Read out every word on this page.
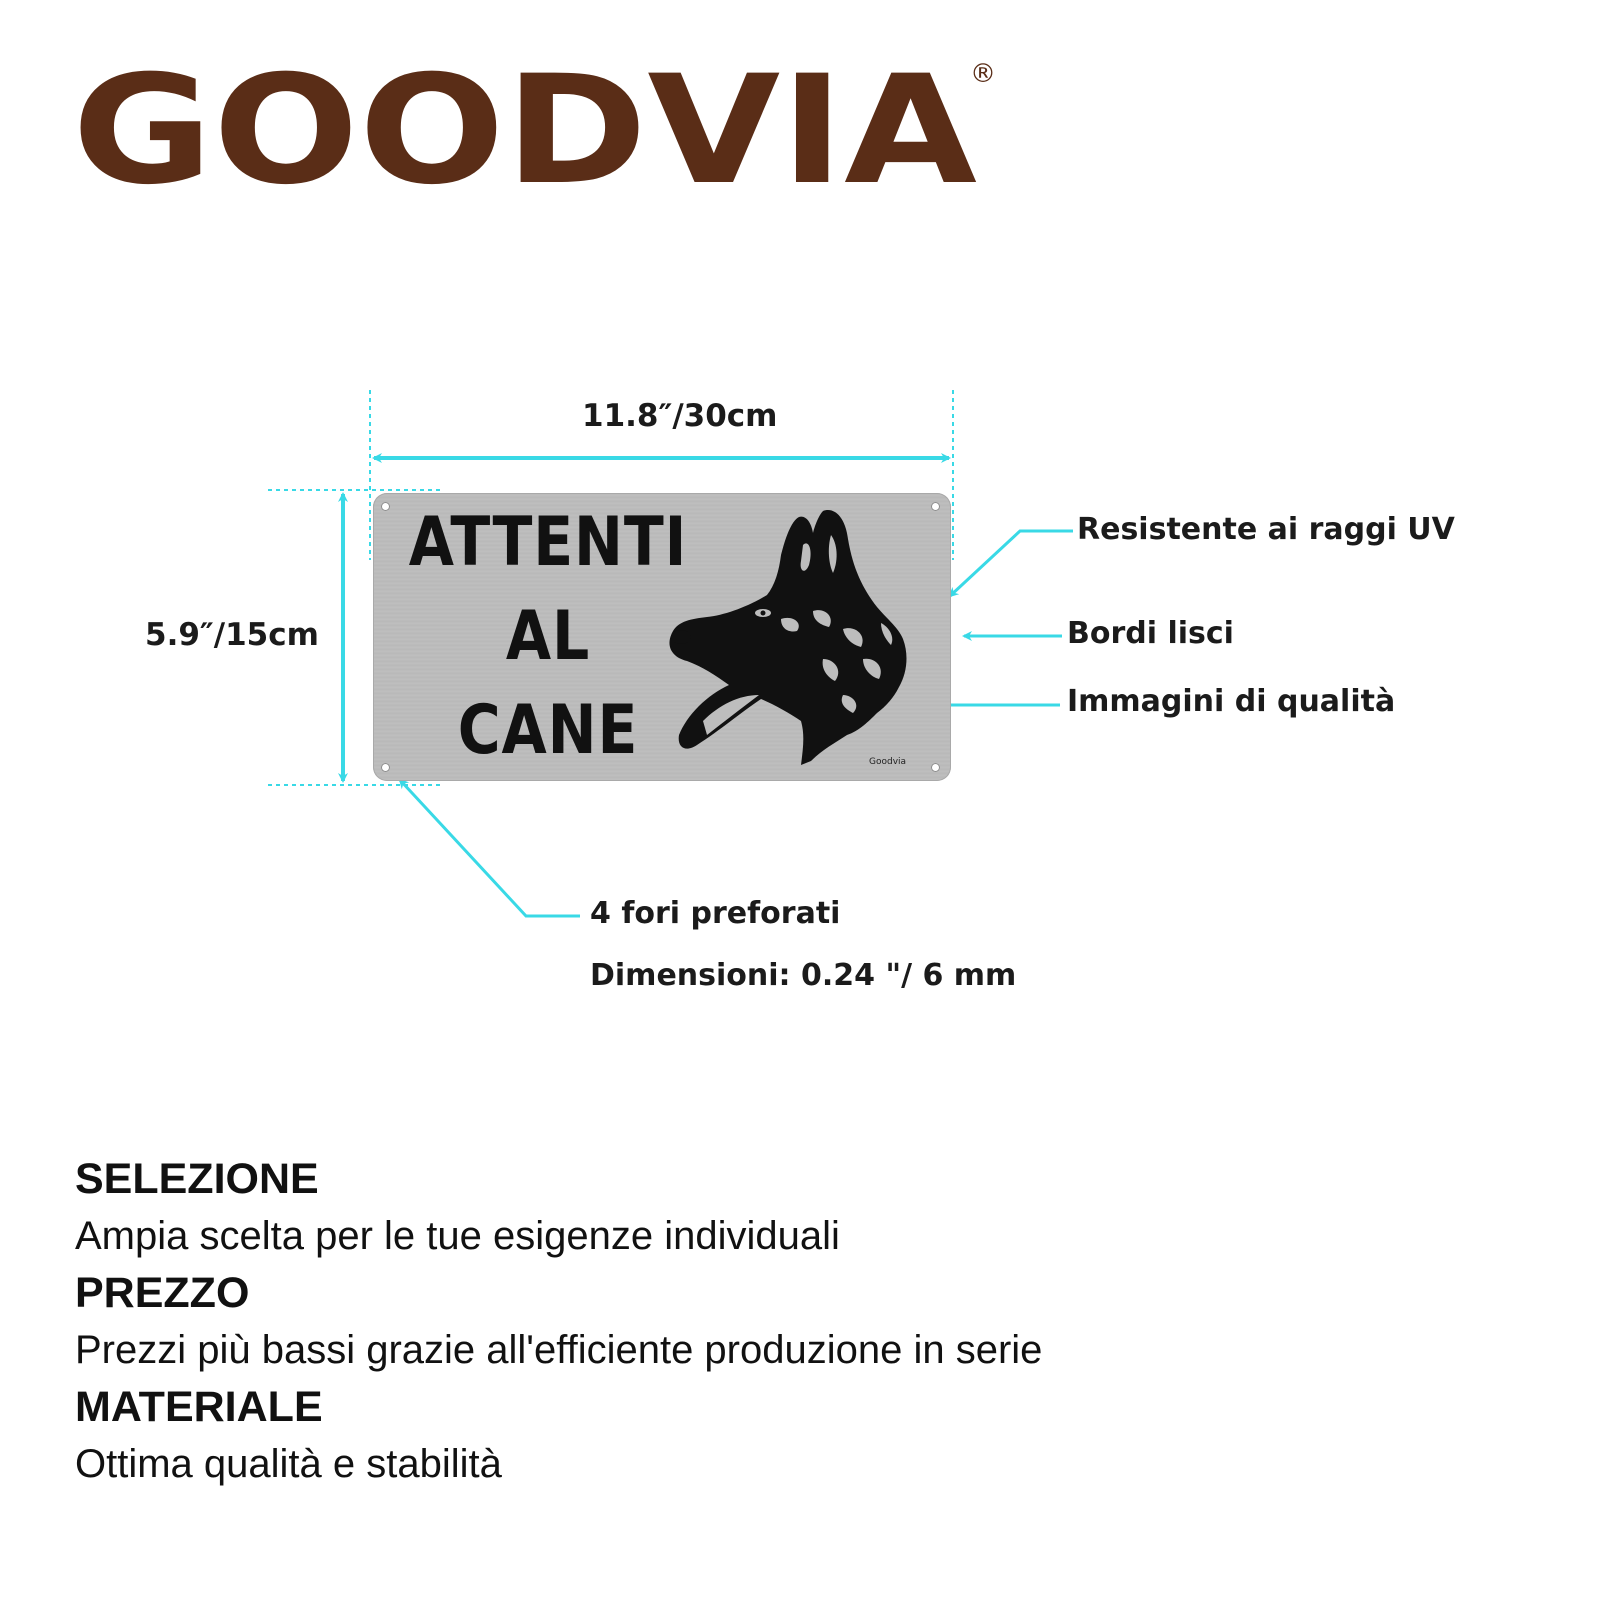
GOODVIA
®
11.8″/30cm
5.9″/15cm
ATTENTI
AL
CANE	Goodvia
Resistente ai raggi UV
Bordi lisci
Immagini di qualità
4 fori preforati
Dimensioni: 0.24 "/ 6 mm
SELEZIONE
Ampia scelta per le tue esigenze individuali
PREZZO
Prezzi più bassi grazie all'efficiente produzione in serie
MATERIALE
Ottima qualità e stabilità
